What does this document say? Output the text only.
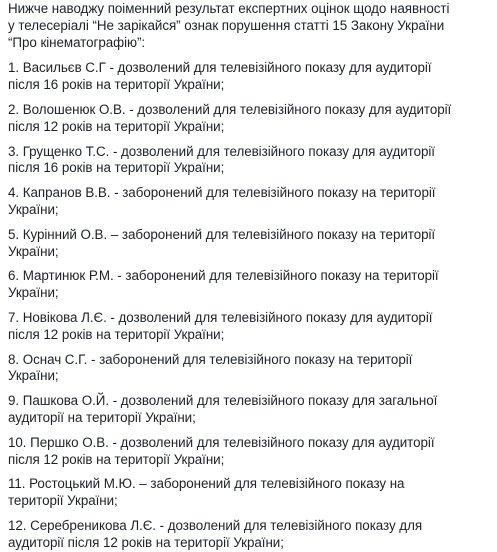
Нижче наводжу поіменний результат експертних оцінок щодо наявності
у телесеріалі “Не зарікайся” ознак порушення статті 15 Закону України
“Про кінематографію”:

1. Васильєв С.Г - дозволений для телевізійного показу для аудиторії
після 16 років на території України;
2. Волошенюк О.В. - дозволений для телевізійного показу для аудиторії
після 12 років на території України;
3. Грущенко Т.С. - дозволений для телевізійного показу для аудиторії
після 16 років на території України;
4. Капранов В.В. - заборонений для телевізійного показу на території
України;
5. Курінний О.В. – заборонений для телевізійного показу на території
України;
6. Мартинюк Р.М. - заборонений для телевізійного показу на території
України;
7. Новікова Л.Є. - дозволений для телевізійного показу для аудиторії
після 12 років на території України;
8. Оснач С.Г. - заборонений для телевізійного показу на території
України;
9. Пашкова О.Й. - дозволений для телевізійного показу для загальної
аудиторії на території України;
10. Першко О.В. - дозволений для телевізійного показу для аудиторії
після 12 років на території України;
11. Ростоцький М.Ю. – заборонений для телевізійного показу на
території України;
12. Серебреникова Л.Є. - дозволений для телевізійного показу для
аудиторії після 12 років на території України;
